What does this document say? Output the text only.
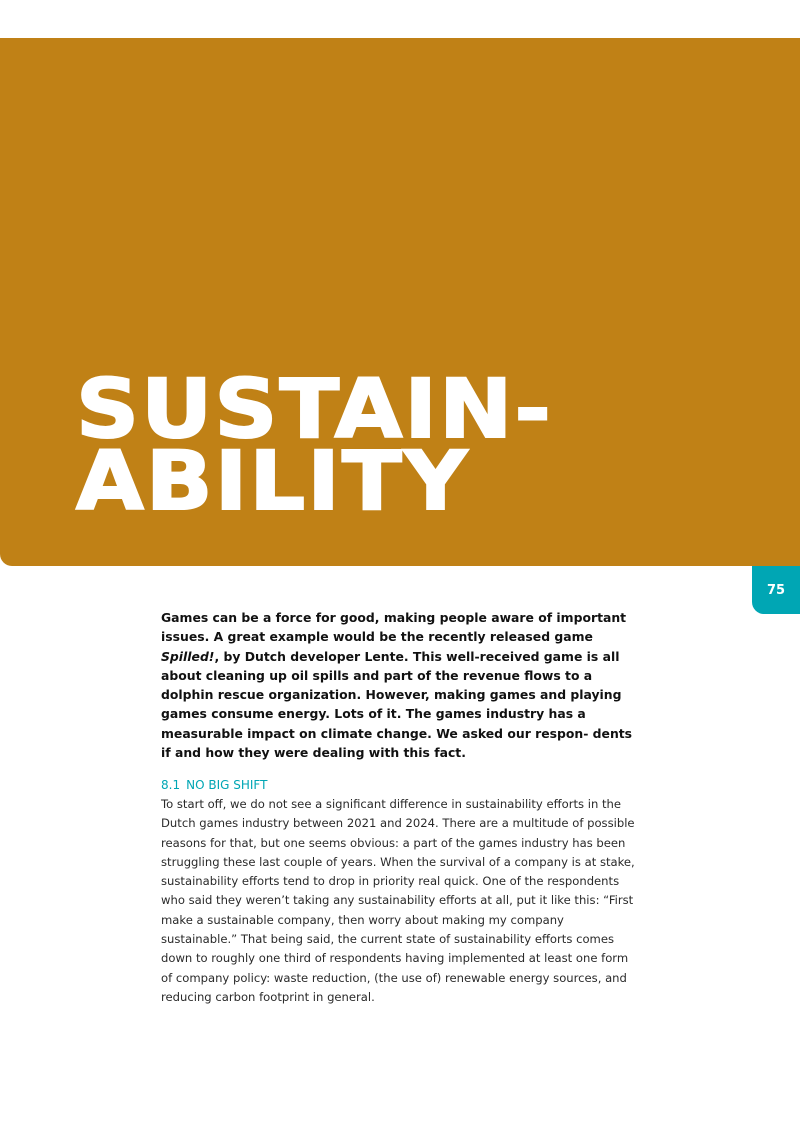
SUSTAIN-
ABILITY
75

Games can be a force for good, making people aware of important issues. A great example would be the recently released game Spilled!, by Dutch developer Lente. This well-received game is all about cleaning up oil spills and part of the revenue flows to a dolphin rescue organization. However, making games and playing games consume energy. Lots of it. The games industry has a measurable impact on climate change. We asked our respon- dents if and how they were dealing with this fact.

8.1 NO BIG SHIFT

To start off, we do not see a significant difference in sustainability efforts in the Dutch games industry between 2021 and 2024. There are a multitude of possible reasons for that, but one seems obvious: a part of the games industry has been struggling these last couple of years. When the survival of a company is at stake, sustainability efforts tend to drop in priority real quick. One of the respondents who said they weren’t taking any sustainability efforts at all, put it like this: “First make a sustainable company, then worry about making my company sustainable.” That being said, the current state of sustainability efforts comes down to roughly one third of respondents having implemented at least one form of company policy: waste reduction, (the use of) renewable energy sources, and reducing carbon footprint in general.
